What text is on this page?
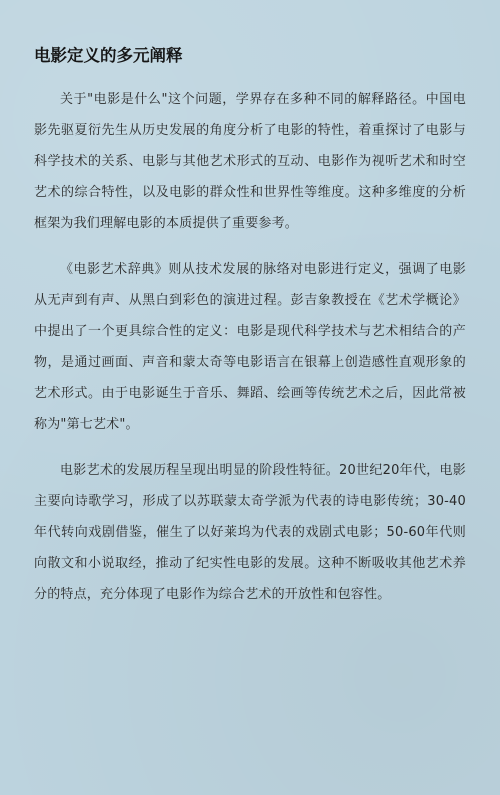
电影定义的多元阐释

关于"电影是什么"这个问题，学界存在多种不同的解释路径。中国电影先驱夏衍先生从历史发展的角度分析了电影的特性，着重探讨了电影与科学技术的关系、电影与其他艺术形式的互动、电影作为视听艺术和时空艺术的综合特性，以及电影的群众性和世界性等维度。这种多维度的分析框架为我们理解电影的本质提供了重要参考。

《电影艺术辞典》则从技术发展的脉络对电影进行定义，强调了电影从无声到有声、从黑白到彩色的演进过程。彭吉象教授在《艺术学概论》中提出了一个更具综合性的定义：电影是现代科学技术与艺术相结合的产物，是通过画面、声音和蒙太奇等电影语言在银幕上创造感性直观形象的艺术形式。由于电影诞生于音乐、舞蹈、绘画等传统艺术之后，因此常被称为"第七艺术"。

电影艺术的发展历程呈现出明显的阶段性特征。20世纪20年代，电影主要向诗歌学习，形成了以苏联蒙太奇学派为代表的诗电影传统；30-40年代转向戏剧借鉴，催生了以好莱坞为代表的戏剧式电影；50-60年代则向散文和小说取经，推动了纪实性电影的发展。这种不断吸收其他艺术养分的特点，充分体现了电影作为综合艺术的开放性和包容性。
